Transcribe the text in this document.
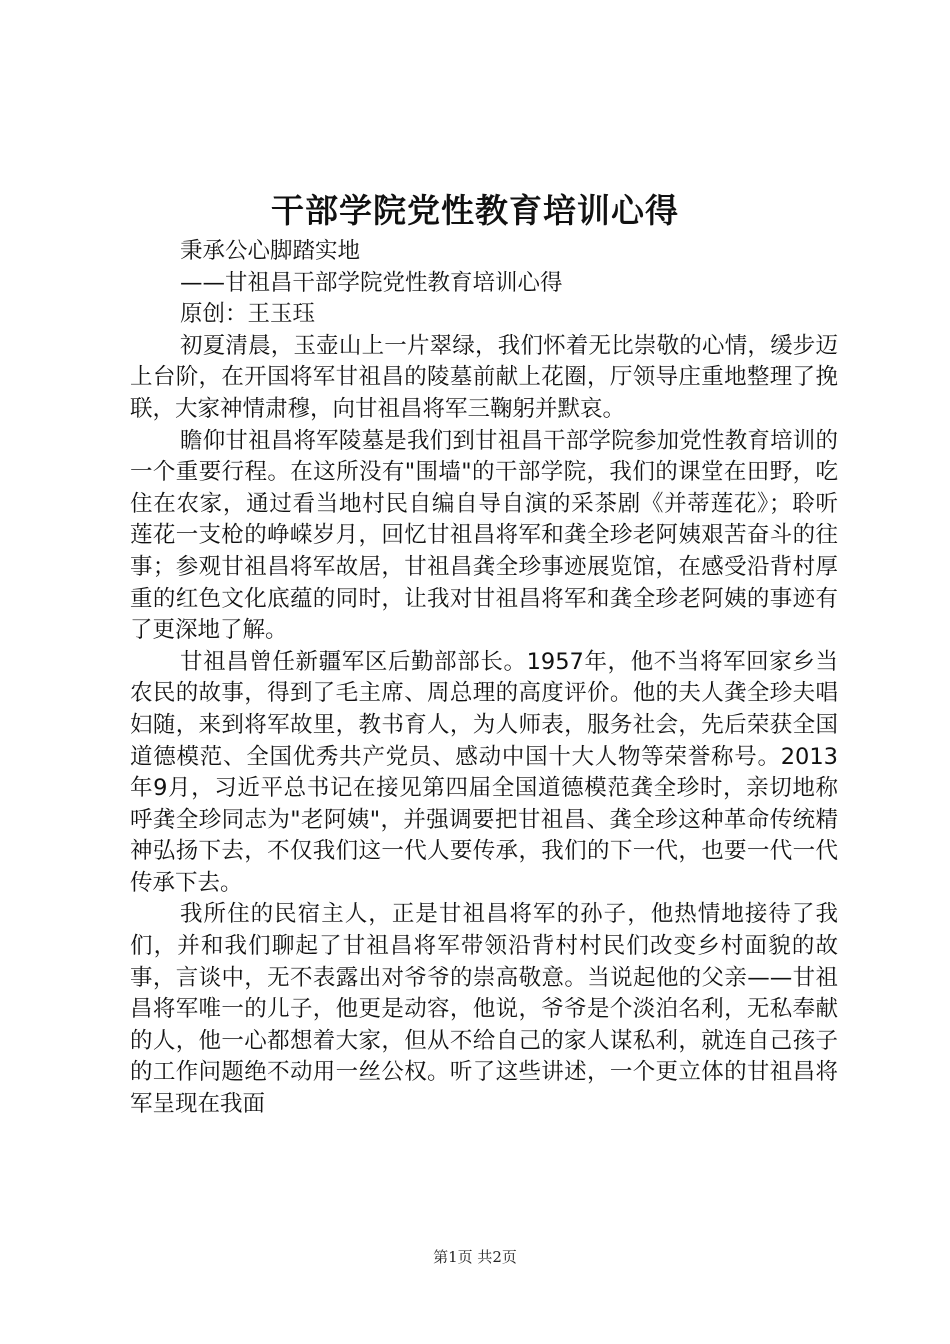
干部学院党性教育培训心得
秉承公心脚踏实地
——甘祖昌干部学院党性教育培训心得
原创：王玉珏

初夏清晨，玉壶山上一片翠绿，我们怀着无比崇敬的心情，缓步迈上台阶，在开国将军甘祖昌的陵墓前献上花圈，厅领导庄重地整理了挽联，大家神情肃穆，向甘祖昌将军三鞠躬并默哀。

瞻仰甘祖昌将军陵墓是我们到甘祖昌干部学院参加党性教育培训的一个重要行程。在这所没有"围墙"的干部学院，我们的课堂在田野，吃住在农家，通过看当地村民自编自导自演的采茶剧《并蒂莲花》；聆听莲花一支枪的峥嵘岁月，回忆甘祖昌将军和龚全珍老阿姨艰苦奋斗的往事；参观甘祖昌将军故居，甘祖昌龚全珍事迹展览馆，在感受沿背村厚重的红色文化底蕴的同时，让我对甘祖昌将军和龚全珍老阿姨的事迹有了更深地了解。

甘祖昌曾任新疆军区后勤部部长。1957年，他不当将军回家乡当农民的故事，得到了毛主席、周总理的高度评价。他的夫人龚全珍夫唱妇随，来到将军故里，教书育人，为人师表，服务社会，先后荣获全国道德模范、全国优秀共产党员、感动中国十大人物等荣誉称号。2013年9月，习近平总书记在接见第四届全国道德模范龚全珍时，亲切地称呼龚全珍同志为"老阿姨"，并强调要把甘祖昌、龚全珍这种革命传统精神弘扬下去，不仅我们这一代人要传承，我们的下一代，也要一代一代传承下去。

我所住的民宿主人，正是甘祖昌将军的孙子，他热情地接待了我们，并和我们聊起了甘祖昌将军带领沿背村村民们改变乡村面貌的故事，言谈中，无不表露出对爷爷的崇高敬意。当说起他的父亲——甘祖昌将军唯一的儿子，他更是动容，他说，爷爷是个淡泊名利，无私奉献的人，他一心都想着大家，但从不给自己的家人谋私利，就连自己孩子的工作问题绝不动用一丝公权。听了这些讲述，一个更立体的甘祖昌将军呈现在我面

第1页 共2页
